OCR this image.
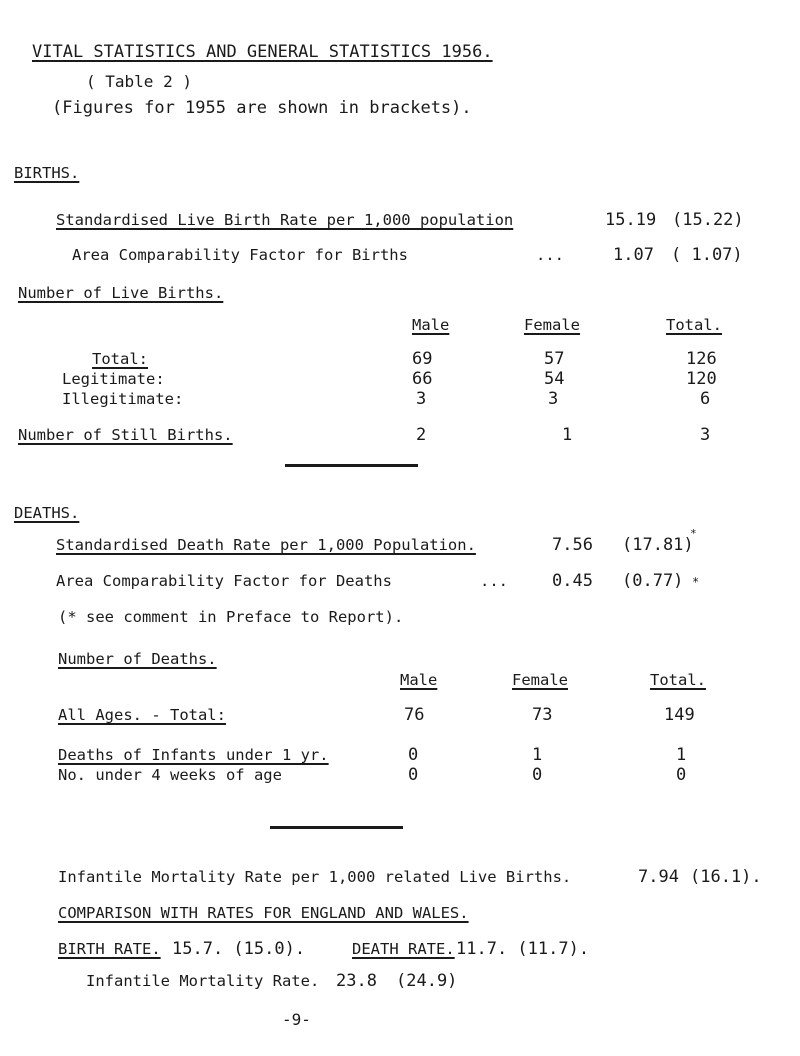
VITAL STATISTICS AND GENERAL STATISTICS 1956.
( Table 2 )
(Figures for 1955 are shown in brackets).
BIRTHS.
Standardised Live Birth Rate per 1,000 population	15.19 (15.22)
Area Comparability Factor for Births	...	1.07 ( 1.07)
Number of Live Births.
Male	Female	Total.
Total:	69	57	126
Legitimate:	66	54	120
Illegitimate:	3	3	6
Number of Still Births.	2	1	3
DEATHS.
Standardised Death Rate per 1,000 Population.	7.56 (17.81)
*
Area Comparability Factor for Deaths	...	0.45 (0.77) *
(* see comment in Preface to Report).
Number of Deaths.
Male	Female	Total.
All Ages. - Total:	76	73	149
Deaths of Infants under 1 yr.	0	1	1
No. under 4 weeks of age	0	0	0
Infantile Mortality Rate per 1,000 related Live Births.	7.94 (16.1).
COMPARISON WITH RATES FOR ENGLAND AND WALES.
BIRTH RATE. 15.7. (15.0).	DEATH RATE. 11.7. (11.7).
Infantile Mortality Rate. 23.8 (24.9)
-9-
